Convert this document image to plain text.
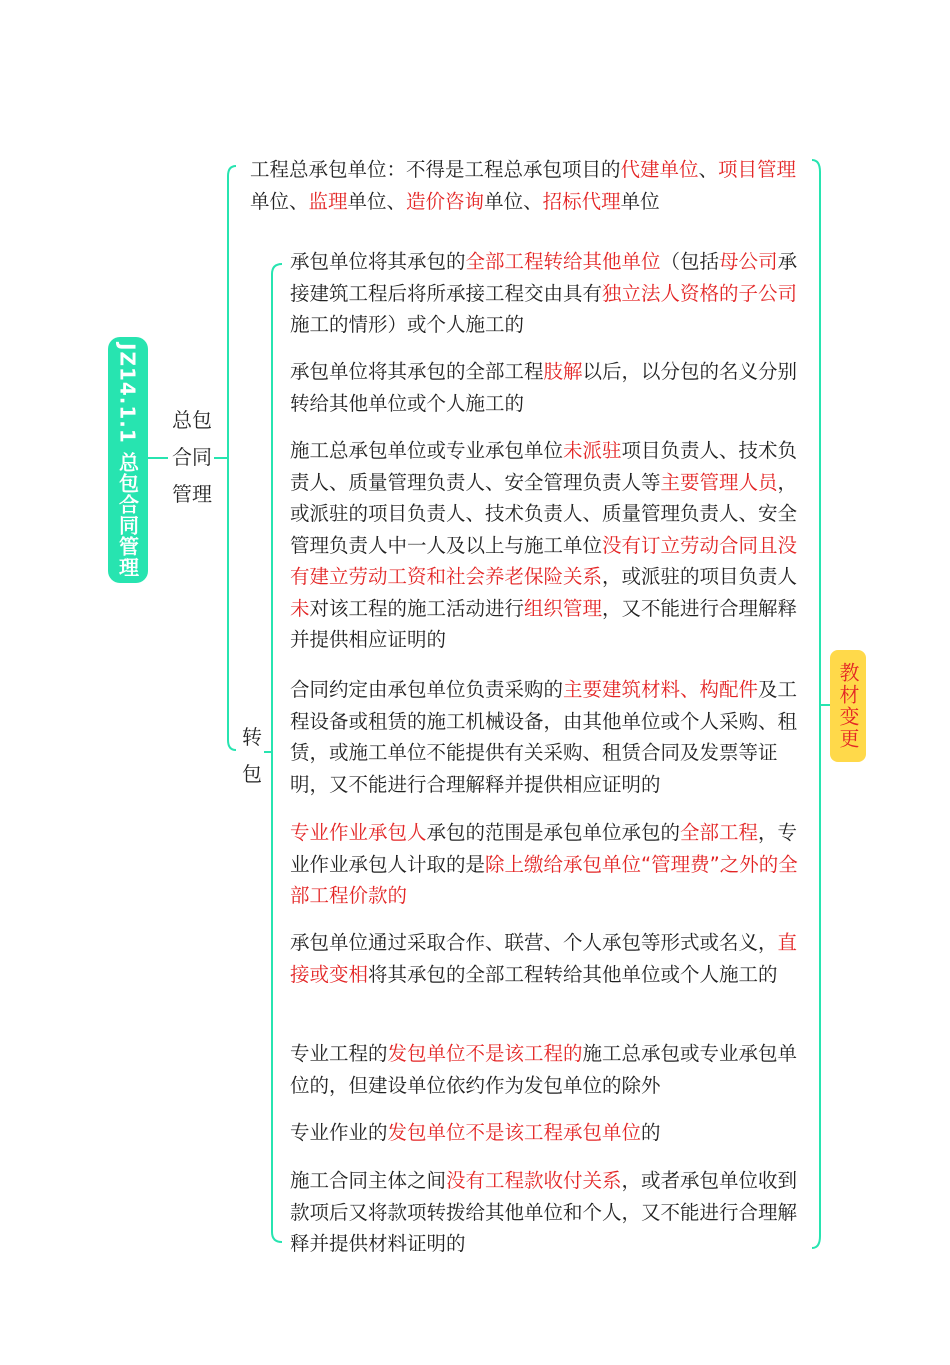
JZ14.1.1 总包合同管理 总包
合同
管理
转
包
工程总承包单位：不得是工程总承包项目的代建单位、项目管理单位、监理单位、造价咨询单位、招标代理单位
承包单位将其承包的全部工程转给其他单位（包括母公司承接建筑工程后将所承接工程交由具有独立法人资格的子公司施工的情形）或个人施工的
承包单位将其承包的全部工程肢解以后，以分包的名义分别转给其他单位或个人施工的
施工总承包单位或专业承包单位未派驻项目负责人、技术负责人、质量管理负责人、安全管理负责人等主要管理人员，或派驻的项目负责人、技术负责人、质量管理负责人、安全管理负责人中一人及以上与施工单位没有订立劳动合同且没有建立劳动工资和社会养老保险关系，或派驻的项目负责人未对该工程的施工活动进行组织管理，又不能进行合理解释并提供相应证明的
合同约定由承包单位负责采购的主要建筑材料、构配件及工程设备或租赁的施工机械设备，由其他单位或个人采购、租赁，或施工单位不能提供有关采购、租赁合同及发票等证明，又不能进行合理解释并提供相应证明的
专业作业承包人承包的范围是承包单位承包的全部工程，专业作业承包人计取的是除上缴给承包单位“管理费”之外的全部工程价款的
承包单位通过采取合作、联营、个人承包等形式或名义，直接或变相将其承包的全部工程转给其他单位或个人施工的
专业工程的发包单位不是该工程的施工总承包或专业承包单位的，但建设单位依约作为发包单位的除外
专业作业的发包单位不是该工程承包单位的
施工合同主体之间没有工程款收付关系，或者承包单位收到款项后又将款项转拨给其他单位和个人，又不能进行合理解释并提供材料证明的
教材变更
